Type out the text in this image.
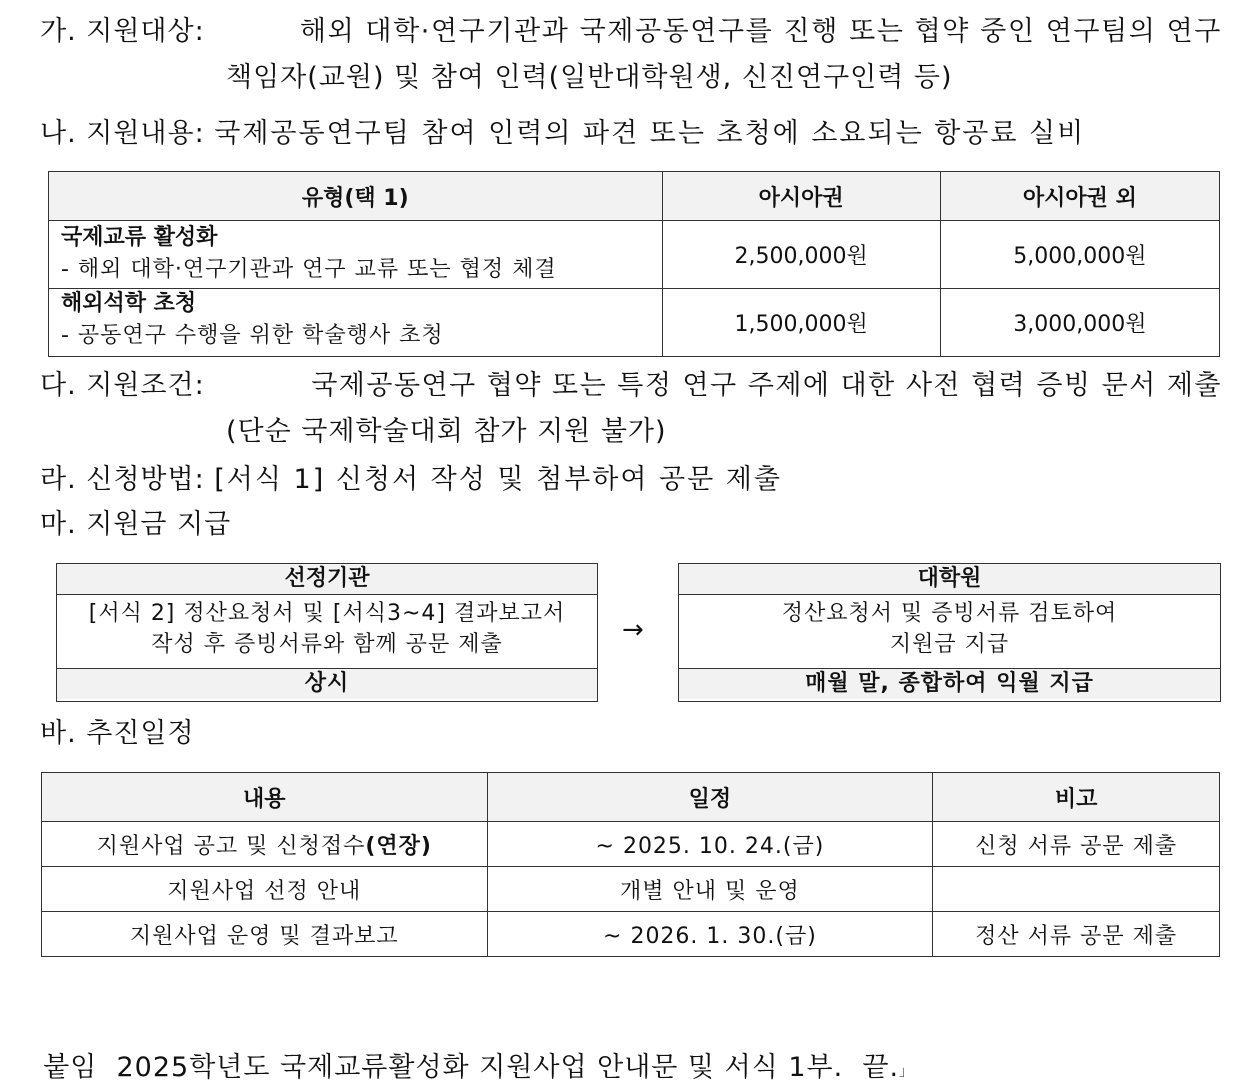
가. 지원대상:	해외 대학·연구기관과 국제공동연구를 진행 또는 협약 중인 연구팀의 연구
책임자(교원) 및 참여 인력(일반대학원생, 신진연구인력 등)
나. 지원내용: 국제공동연구팀 참여 인력의 파견 또는 초청에 소요되는 항공료 실비
유형(택 1)	아시아권	아시아권 외

국제교류 활성화
- 해외 대학·연구기관과 연구 교류 또는 협정 체결	2,500,000원	5,000,000원

해외석학 초청
- 공동연구 수행을 위한 학술행사 초청	1,500,000원	3,000,000원
다. 지원조건:	국제공동연구 협약 또는 특정 연구 주제에 대한 사전 협력 증빙 문서 제출
(단순 국제학술대회 참가 지원 불가)
라. 신청방법: [서식 1] 신청서 작성 및 첨부하여 공문 제출
마. 지원금 지급
선정기관
[서식 2] 정산요청서 및 [서식3~4] 결과보고서
작성 후 증빙서류와 함께 공문 제출
상시
→
대학원
정산요청서 및 증빙서류 검토하여
지원금 지급
매월 말, 종합하여 익월 지급
바. 추진일정
내용	일정	비고
지원사업 공고 및 신청접수(연장)	~ 2025. 10. 24.(금)	신청 서류 공문 제출
지원사업 선정 안내	개별 안내 및 운영	
지원사업 운영 및 결과보고	~ 2026. 1. 30.(금)	정산 서류 공문 제출

붙임  2025학년도 국제교류활성화 지원사업 안내문 및 서식 1부.  끝.」
